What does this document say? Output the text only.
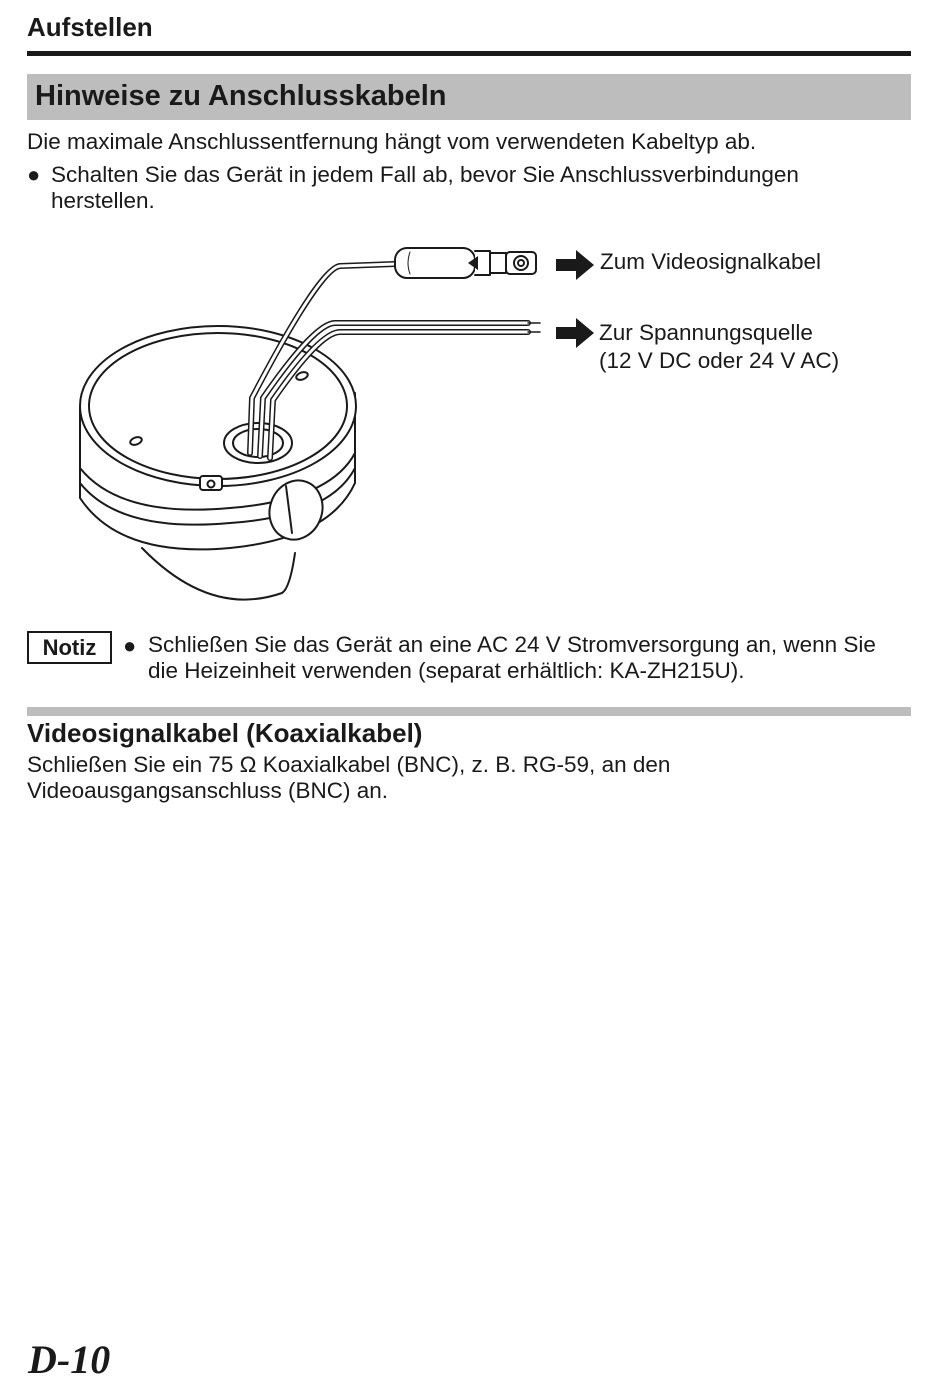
Aufstellen
Hinweise zu Anschlusskabeln
Die maximale Anschlussentfernung hängt vom verwendeten Kabeltyp ab.
● Schalten Sie das Gerät in jedem Fall ab, bevor Sie Anschlussverbindungen herstellen.
Zum Videosignalkabel
Zur Spannungsquelle
(12 V DC oder 24 V AC)
Notiz	● Schließen Sie das Gerät an eine AC 24 V Stromversorgung an, wenn Sie die Heizeinheit verwenden (separat erhältlich: KA-ZH215U).
Videosignalkabel (Koaxialkabel)
Schließen Sie ein 75 Ω Koaxialkabel (BNC), z. B. RG-59, an den Videoausgangsanschluss (BNC) an.
D-10
